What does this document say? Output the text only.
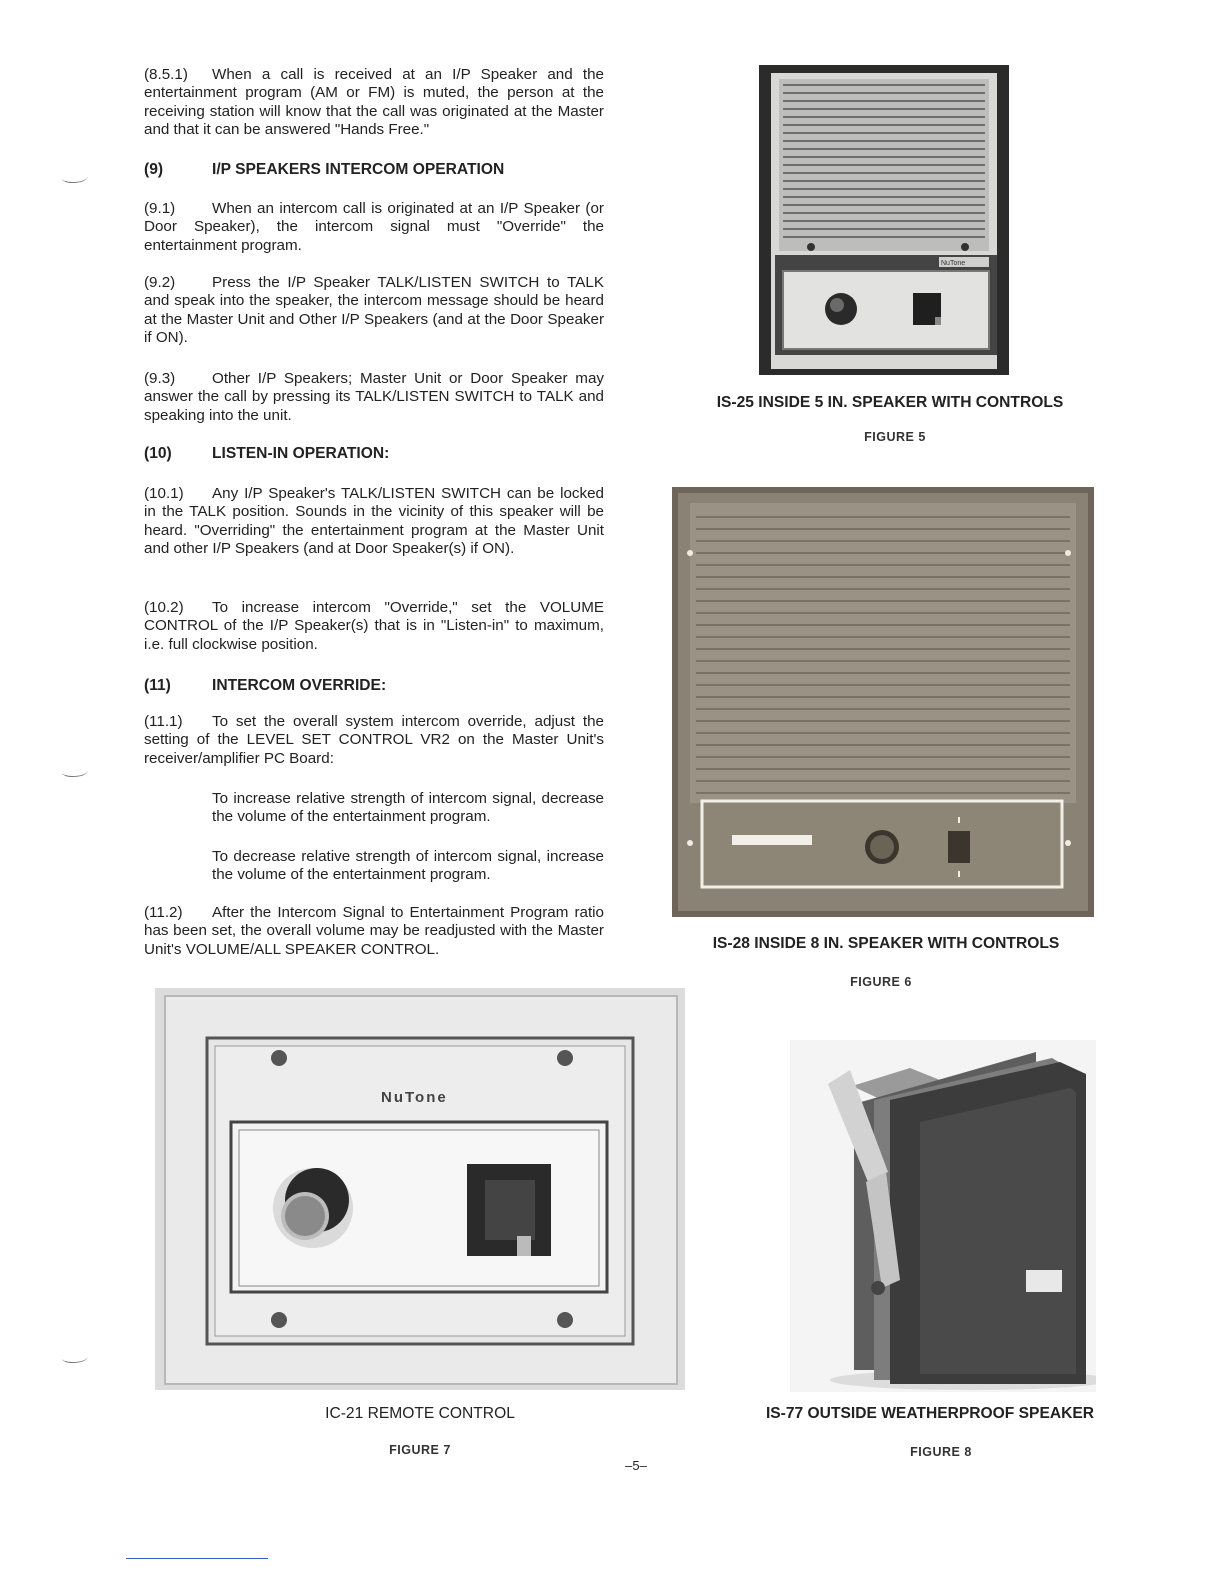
(8.5.1) When a call is received at an I/P Speaker and the entertainment program (AM or FM) is muted, the person at the receiving station will know that the call was originated at the Master and that it can be answered "Hands Free."

(9)	I/P SPEAKERS INTERCOM OPERATION

(9.1) When an intercom call is originated at an I/P Speaker (or Door Speaker), the intercom signal must "Override" the entertainment program.

(9.2) Press the I/P Speaker TALK/LISTEN SWITCH to TALK and speak into the speaker, the intercom message should be heard at the Master Unit and Other I/P Speakers (and at the Door Speaker if ON).

(9.3) Other I/P Speakers; Master Unit or Door Speaker may answer the call by pressing its TALK/LISTEN SWITCH to TALK and speaking into the unit.

(10)	LISTEN-IN OPERATION:

(10.1) Any I/P Speaker's TALK/LISTEN SWITCH can be locked in the TALK position. Sounds in the vicinity of this speaker will be heard. "Overriding" the entertainment program at the Master Unit and other I/P Speakers (and at Door Speaker(s) if ON).

(10.2) To increase intercom "Override," set the VOLUME CONTROL of the I/P Speaker(s) that is in "Listen-in" to maximum, i.e. full clockwise position.

(11)	INTERCOM OVERRIDE:

(11.1) To set the overall system intercom override, adjust the setting of the LEVEL SET CONTROL VR2 on the Master Unit's receiver/amplifier PC Board:

To increase relative strength of intercom signal, decrease the volume of the entertainment program.

To decrease relative strength of intercom signal, increase the volume of the entertainment program.

(11.2) After the Intercom Signal to Entertainment Program ratio has been set, the overall volume may be readjusted with the Master Unit's VOLUME/ALL SPEAKER CONTROL.

NuTone

IS-25 INSIDE 5 IN. SPEAKER WITH CONTROLS

FIGURE 5

IS-28 INSIDE 8 IN. SPEAKER WITH CONTROLS

FIGURE 6

NuTone

IC-21 REMOTE CONTROL

FIGURE 7

IS-77 OUTSIDE WEATHERPROOF SPEAKER

FIGURE 8

–5–
